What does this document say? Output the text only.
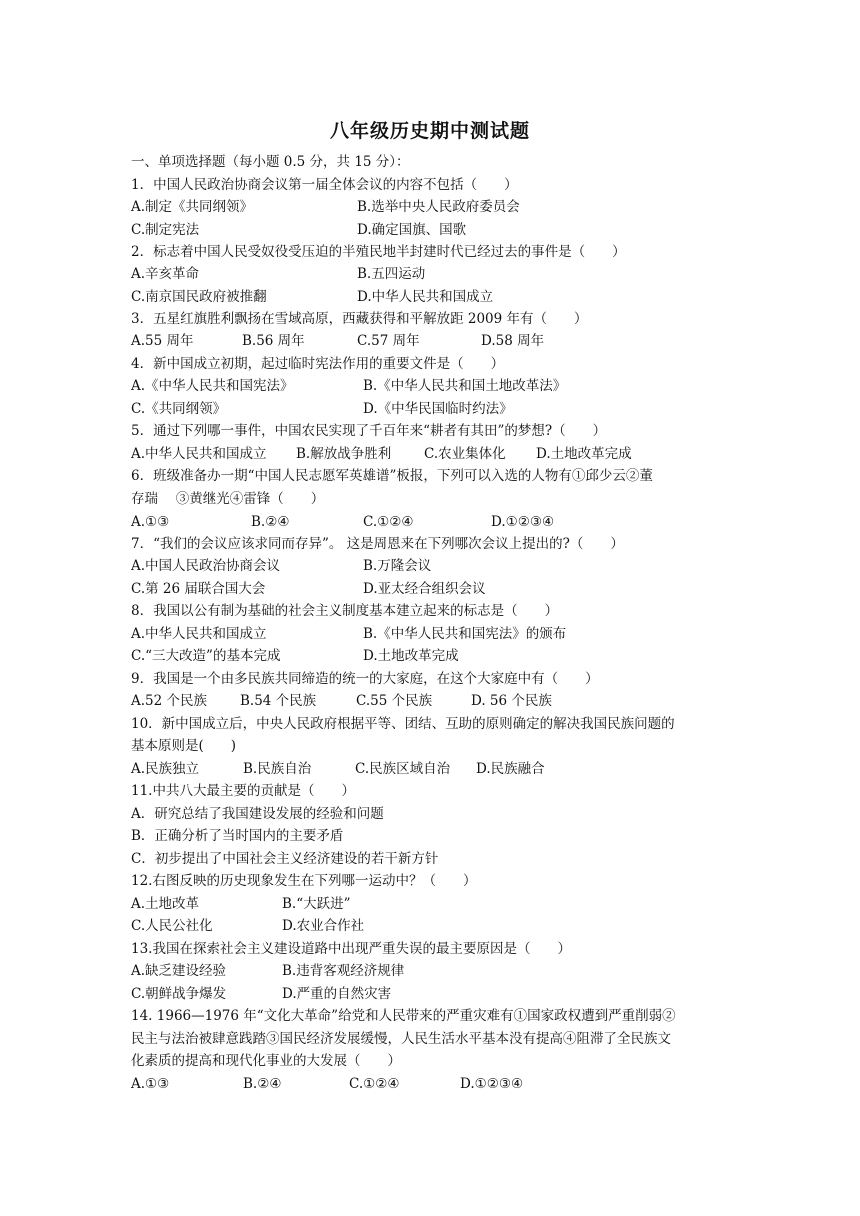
八年级历史期中测试题
一、单项选择题（每小题 0.5 分，共 15 分）：
1．中国人民政治协商会议第一届全体会议的内容不包括（　　）
A.制定《共同纲领》	B.选举中央人民政府委员会
C.制定宪法	D.确定国旗、国歌
2．标志着中国人民受奴役受压迫的半殖民地半封建时代已经过去的事件是（　　）
A.辛亥革命	B.五四运动
C.南京国民政府被推翻	D.中华人民共和国成立
3．五星红旗胜利飘扬在雪域高原，西藏获得和平解放距 2009 年有（　　）
A.55 周年	B.56 周年	C.57 周年	D.58 周年
4．新中国成立初期，起过临时宪法作用的重要文件是（　　）
A.《中华人民共和国宪法》	B.《中华人民共和国土地改革法》
C.《共同纲领》	D.《中华民国临时约法》
5．通过下列哪一事件，中国农民实现了千百年来“耕者有其田”的梦想?（　　）
A.中华人民共和国成立 B.解放战争胜利 C.农业集体化 D.土地改革完成
6．班级准备办一期“中国人民志愿军英雄谱”板报，下列可以入选的人物有①邱少云②董
存瑞　 ③黄继光④雷锋（　　）
A.①③	B.②④	C.①②④	D.①②③④
7．“我们的会议应该求同而存异”。 这是周恩来在下列哪次会议上提出的?（　　）
A.中国人民政治协商会议	B.万隆会议
C.第 26 届联合国大会	D.亚太经合组织会议
8．我国以公有制为基础的社会主义制度基本建立起来的标志是（　　）
A.中华人民共和国成立	B.《中华人民共和国宪法》的颁布
C.“三大改造”的基本完成	D.土地改革完成
9．我国是一个由多民族共同缔造的统一的大家庭，在这个大家庭中有（　　）
A.52 个民族 B.54 个民族	C.55 个民族	D. 56 个民族
10．新中国成立后，中央人民政府根据平等、团结、互助的原则确定的解决我国民族问题的
基本原则是(　　)
A.民族独立	B.民族自治	C.民族区域自治 D.民族融合
11.中共八大最主要的贡献是（　　）
A．研究总结了我国建设发展的经验和问题
B．正确分析了当时国内的主要矛盾
C．初步提出了中国社会主义经济建设的若干新方针
12.右图反映的历史现象发生在下列哪一运动中？（　　）
A.土地改革	B.“大跃进”
C.人民公社化	D.农业合作社
13.我国在探索社会主义建设道路中出现严重失误的最主要原因是（　　）
A.缺乏建设经验	B.违背客观经济规律
C.朝鲜战争爆发	D.严重的自然灾害
14. 1966—1976 年“文化大革命”给党和人民带来的严重灾难有①国家政权遭到严重削弱②
民主与法治被肆意践踏③国民经济发展缓慢，人民生活水平基本没有提高④阻滞了全民族文
化素质的提高和现代化事业的大发展（　　）
A.①③	B.②④	C.①②④	D.①②③④
